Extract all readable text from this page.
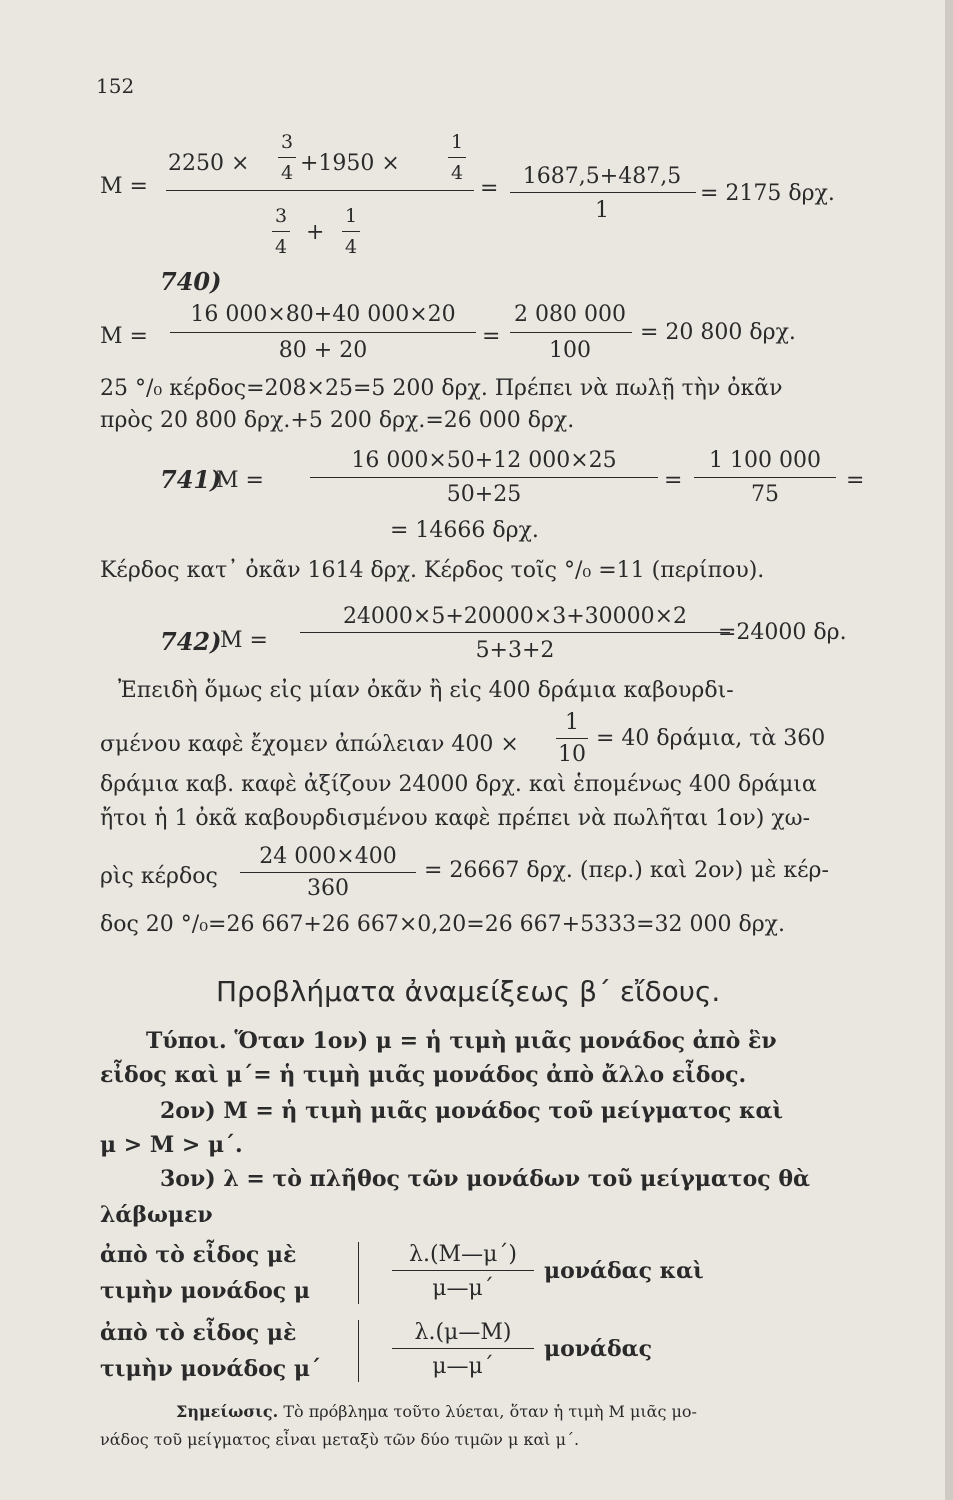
152
M =
2250 ×
3
4 +1950 ×
1
4
3
4
+
1
4
=	1687,5+487,5
1
= 2175 δρχ.
740)
M =
16 000×80+40 000×20
80 + 20
=
2 080 000
100
= 20 800 δρχ.
25 °/₀ κέρδος=208×25=5 200 δρχ. Πρέπει νὰ πωλῇ τὴν ὀκᾶν
πρὸς 20 800 δρχ.+5 200 δρχ.=26 000 δρχ.
741)
M =
16 000×50+12 000×25
50+25
=
1 100 000
75
=
= 14666 δρχ.
Κέρδος κατ᾽ ὀκᾶν 1614 δρχ. Κέρδος τοῖς °/₀ =11 (περίπου).
742)
M =
24000×5+20000×3+30000×2
5+3+2
=24000 δρ.
Ἐπειδὴ ὅμως εἰς μίαν ὀκᾶν ἢ εἰς 400 δράμια καβουρδι-
σμένου καφὲ ἔχομεν ἀπώλειαν 400 ×
1
10
= 40 δράμια, τὰ 360
δράμια καβ. καφὲ ἀξίζουν 24000 δρχ. καὶ ἑπομένως 400 δράμια
ἤτοι ἡ 1 ὀκᾶ καβουρδισμένου καφὲ πρέπει νὰ πωλῆται 1ον) χω-
ρὶς κέρδος
24 000×400
360
= 26667 δρχ. (περ.) καὶ 2ον) μὲ κέρ-
δος 20 °/₀=26 667+26 667×0,20=26 667+5333=32 000 δρχ.
Προβλήματα ἀναμείξεως β΄ εἴδους.
Τύποι. Ὅταν 1ον) μ = ἡ τιμὴ μιᾶς μονάδος ἀπὸ ἓν
εἶδος καὶ μ΄= ἡ τιμὴ μιᾶς μονάδος ἀπὸ ἄλλο εἶδος.
2ον) Μ = ἡ τιμὴ μιᾶς μονάδος τοῦ μείγματος καὶ
μ > Μ > μ΄.
3ον) λ = τὸ πλῆθος τῶν μονάδων τοῦ μείγματος θὰ
λάβωμεν
ἀπὸ τὸ εἶδος μὲ
τιμὴν μονάδος μ
λ.(Μ—μ΄)
μ—μ΄
μονάδας καὶ
ἀπὸ τὸ εἶδος μὲ
τιμὴν μονάδος μ΄
λ.(μ—Μ)
μ—μ΄
μονάδας
Σημείωσις. Τὸ πρόβλημα τοῦτο λύεται, ὅταν ἡ τιμὴ Μ μιᾶς μο-
νάδος τοῦ μείγματος εἶναι μεταξὺ τῶν δύο τιμῶν μ καὶ μ΄.
